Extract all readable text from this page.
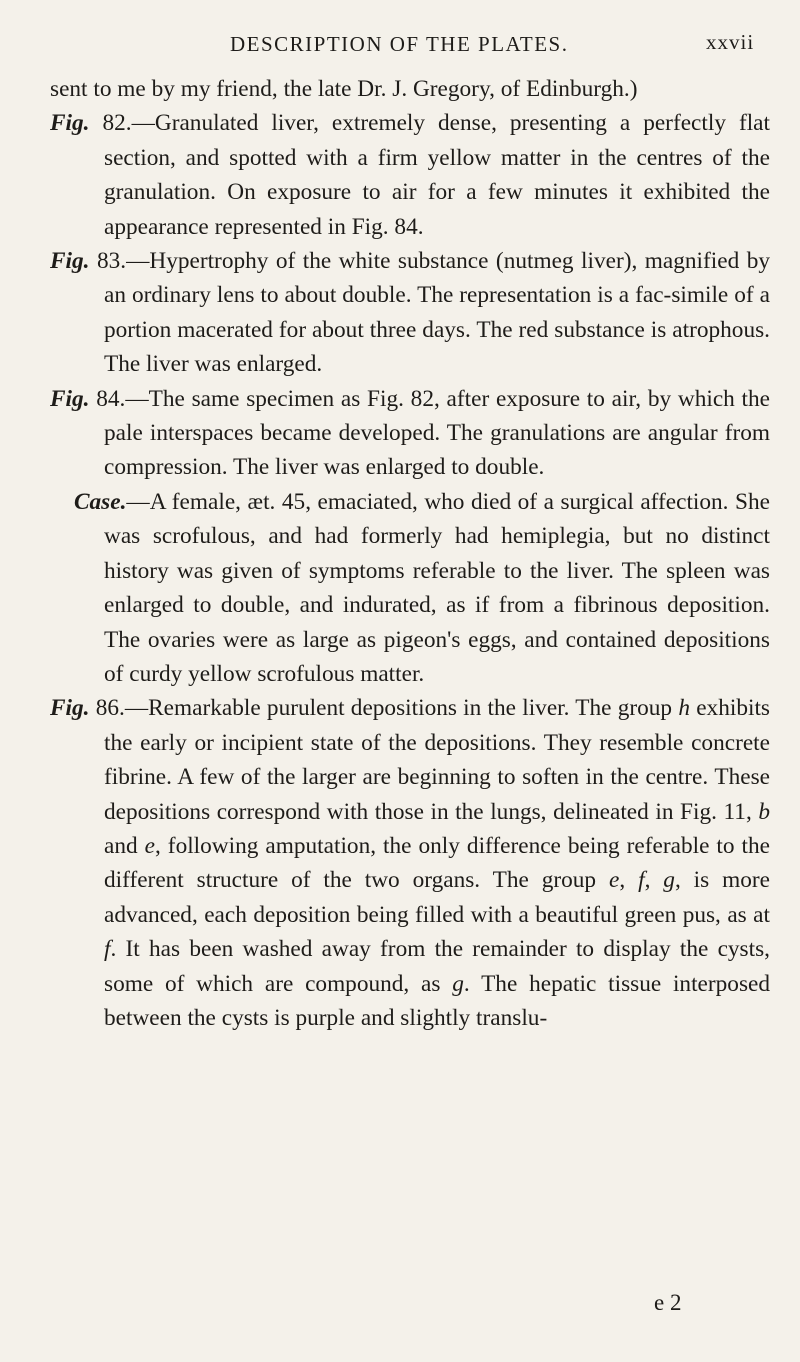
DESCRIPTION OF THE PLATES.	xxvii

sent to me by my friend, the late Dr. J. Gregory, of Edinburgh.)

Fig. 82.—Granulated liver, extremely dense, presenting a perfectly flat section, and spotted with a firm yellow matter in the centres of the granulation. On exposure to air for a few minutes it exhibited the appearance represented in Fig. 84.

Fig. 83.—Hypertrophy of the white substance (nutmeg liver), magnified by an ordinary lens to about double. The representation is a fac-simile of a portion macerated for about three days. The red substance is atrophous. The liver was enlarged.

Fig. 84.—The same specimen as Fig. 82, after exposure to air, by which the pale interspaces became developed. The granulations are angular from compression. The liver was enlarged to double.

Case.—A female, æt. 45, emaciated, who died of a surgical affection. She was scrofulous, and had formerly had hemiplegia, but no distinct history was given of symptoms referable to the liver. The spleen was enlarged to double, and indurated, as if from a fibrinous deposition. The ovaries were as large as pigeon's eggs, and contained depositions of curdy yellow scrofulous matter.

Fig. 86.—Remarkable purulent depositions in the liver. The group h exhibits the early or incipient state of the depositions. They resemble concrete fibrine. A few of the larger are beginning to soften in the centre. These depositions correspond with those in the lungs, delineated in Fig. 11, b and e, following amputation, the only difference being referable to the different structure of the two organs. The group e, f, g, is more advanced, each deposition being filled with a beautiful green pus, as at f. It has been washed away from the remainder to display the cysts, some of which are compound, as g. The hepatic tissue interposed between the cysts is purple and slightly translu-

e 2
